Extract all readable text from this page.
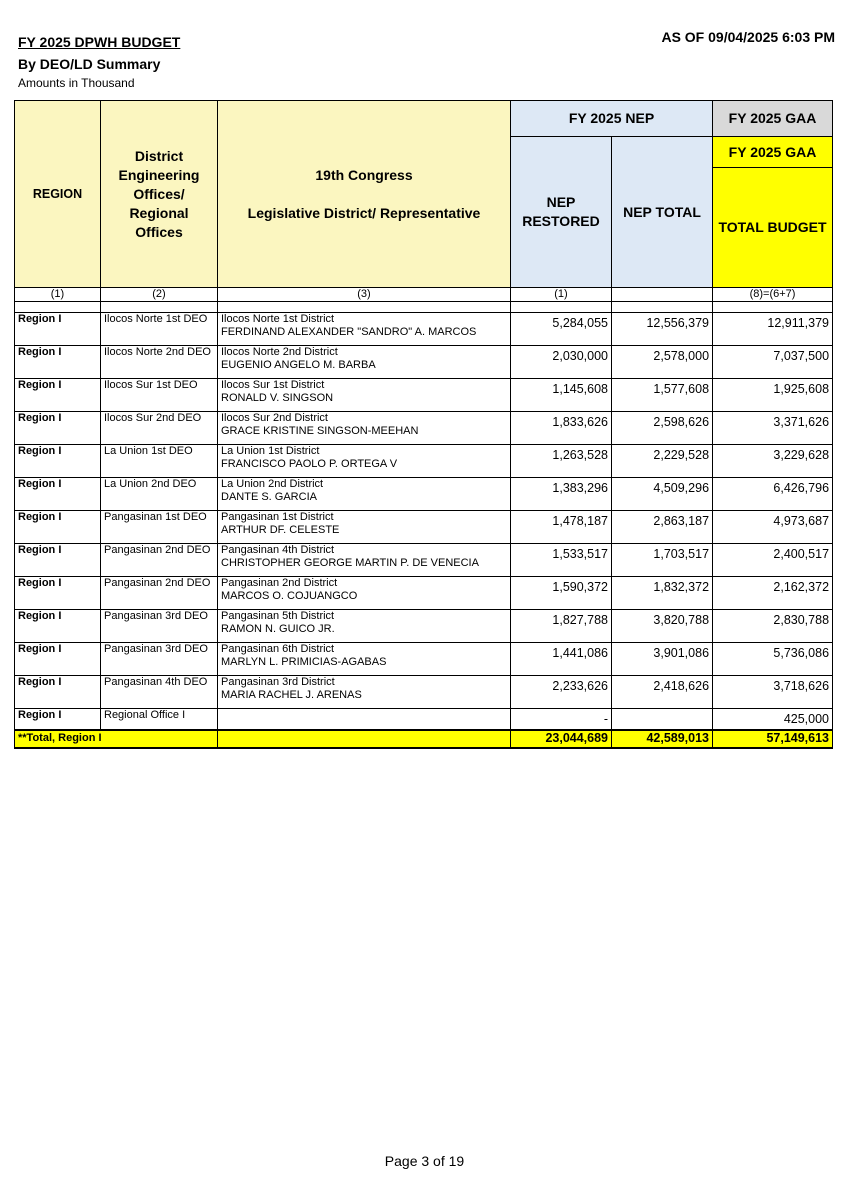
FY 2025 DPWH BUDGET
By DEO/LD Summary
Amounts in Thousand
AS OF 09/04/2025 6:03 PM
REGION	District Engineering Offices/ Regional Offices	19th Congress
Legislative District/ Representative	FY 2025 NEP		FY 2025 GAA
			NEP RESTORED	NEP TOTAL	FY 2025 GAA
					TOTAL BUDGET
(1)	(2)	(3)	(1)		(8)=(6+7)

Region I	Ilocos Norte 1st DEO	Ilocos Norte 1st District
FERDINAND ALEXANDER "SANDRO" A. MARCOS	5,284,055	12,556,379	12,911,379
Region I	Ilocos Norte 2nd DEO	Ilocos Norte 2nd District
EUGENIO ANGELO M. BARBA	2,030,000	2,578,000	7,037,500
Region I	Ilocos Sur 1st DEO	Ilocos Sur 1st District
RONALD V. SINGSON	1,145,608	1,577,608	1,925,608
Region I	Ilocos Sur 2nd DEO	Ilocos Sur 2nd District
GRACE KRISTINE SINGSON-MEEHAN	1,833,626	2,598,626	3,371,626
Region I	La Union 1st DEO	La Union 1st District
FRANCISCO PAOLO P. ORTEGA V	1,263,528	2,229,528	3,229,628
Region I	La Union 2nd DEO	La Union 2nd District
DANTE S. GARCIA	1,383,296	4,509,296	6,426,796
Region I	Pangasinan 1st DEO	Pangasinan 1st District
ARTHUR DF. CELESTE	1,478,187	2,863,187	4,973,687
Region I	Pangasinan 2nd DEO	Pangasinan 4th District
CHRISTOPHER GEORGE MARTIN P. DE VENECIA	1,533,517	1,703,517	2,400,517
Region I	Pangasinan 2nd DEO	Pangasinan 2nd District
MARCOS O. COJUANGCO	1,590,372	1,832,372	2,162,372
Region I	Pangasinan 3rd DEO	Pangasinan 5th District
RAMON N. GUICO JR.	1,827,788	3,820,788	2,830,788
Region I	Pangasinan 3rd DEO	Pangasinan 6th District
MARLYN L. PRIMICIAS-AGABAS	1,441,086	3,901,086	5,736,086
Region I	Pangasinan 4th DEO	Pangasinan 3rd District
MARIA RACHEL J. ARENAS	2,233,626	2,418,626	3,718,626
Region I	Regional Office I		-		425,000
**Total, Region I			23,044,689	42,589,013	57,149,613
Page 3 of 19
